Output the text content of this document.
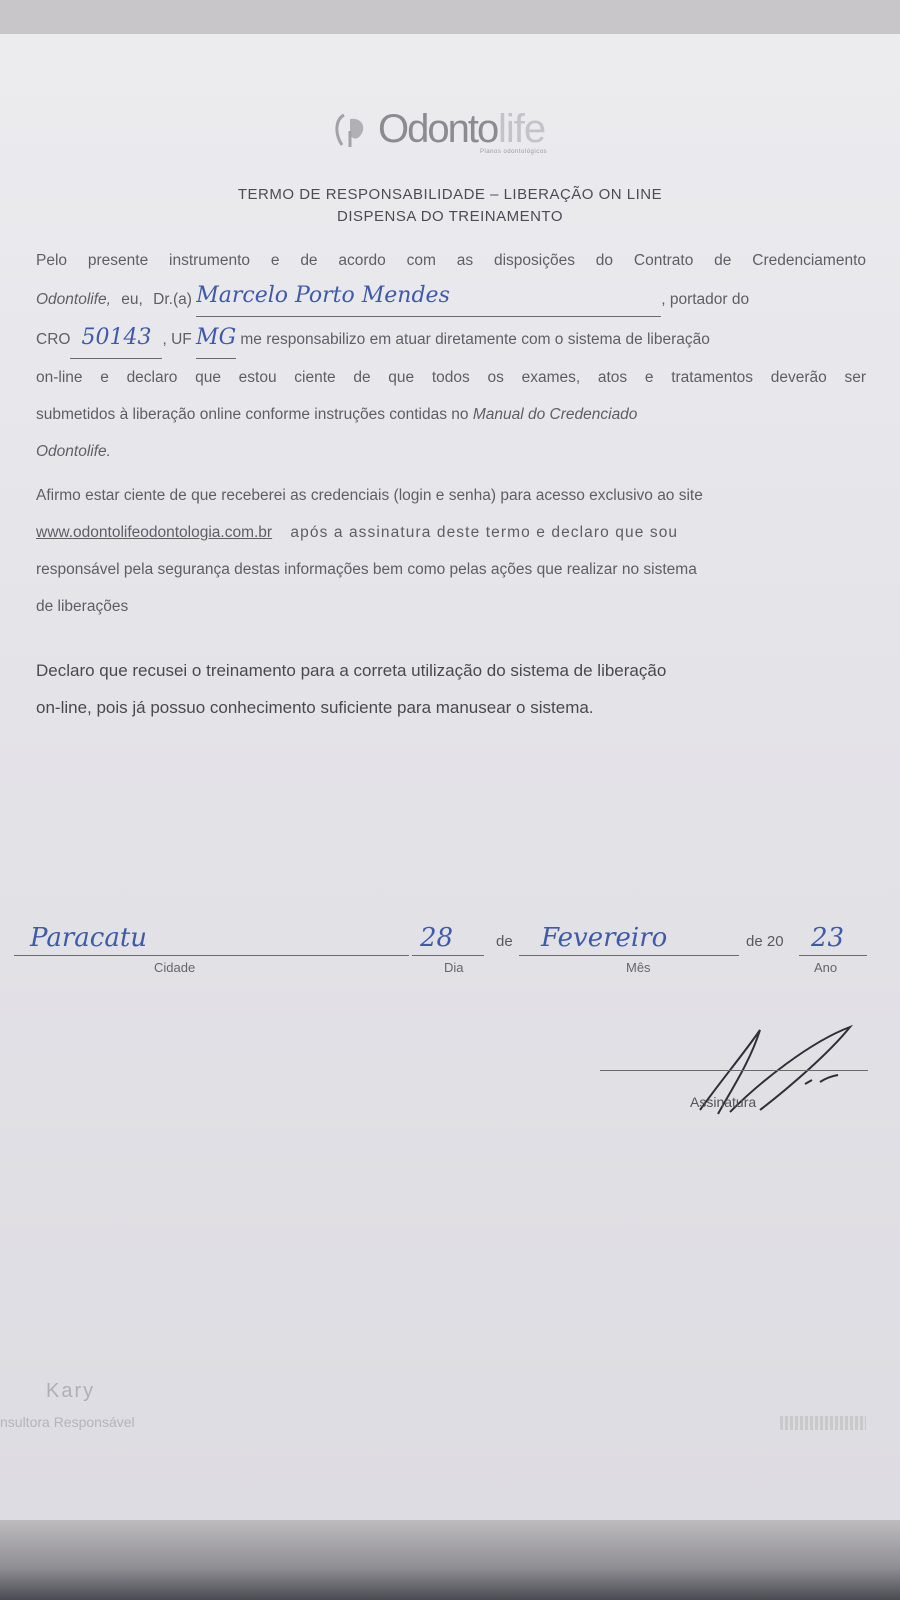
Odonto life
Planos odontológicos
TERMO DE RESPONSABILIDADE – LIBERAÇÃO ON LINE
DISPENSA DO TREINAMENTO
Pelo presente instrumento e de acordo com as disposições do Contrato de Credenciamento
Odontolife, eu, Dr.(a) Marcelo Porto Mendes	, portador do
CRO 50143 , UF MG me responsabilizo em atuar diretamente com o sistema de liberação
on-line e declaro que estou ciente de que todos os exames, atos e tratamentos deverão ser
submetidos à liberação online conforme instruções contidas no Manual do Credenciado
Odontolife.
Afirmo estar ciente de que receberei as credenciais (login e senha) para acesso exclusivo ao site
www.odontolifeodontologia.com.br após a assinatura deste termo e declaro que sou
responsável pela segurança destas informações bem como pelas ações que realizar no sistema
de liberações
Declaro que recusei o treinamento para a correta utilização do sistema de liberação
on-line, pois já possuo conhecimento suficiente para manusear o sistema.
Paracatu
Cidade
28
Dia
de Fevereiro
Mês
de 20 23
Ano
Assinatura
Kary
nsultora Responsável
